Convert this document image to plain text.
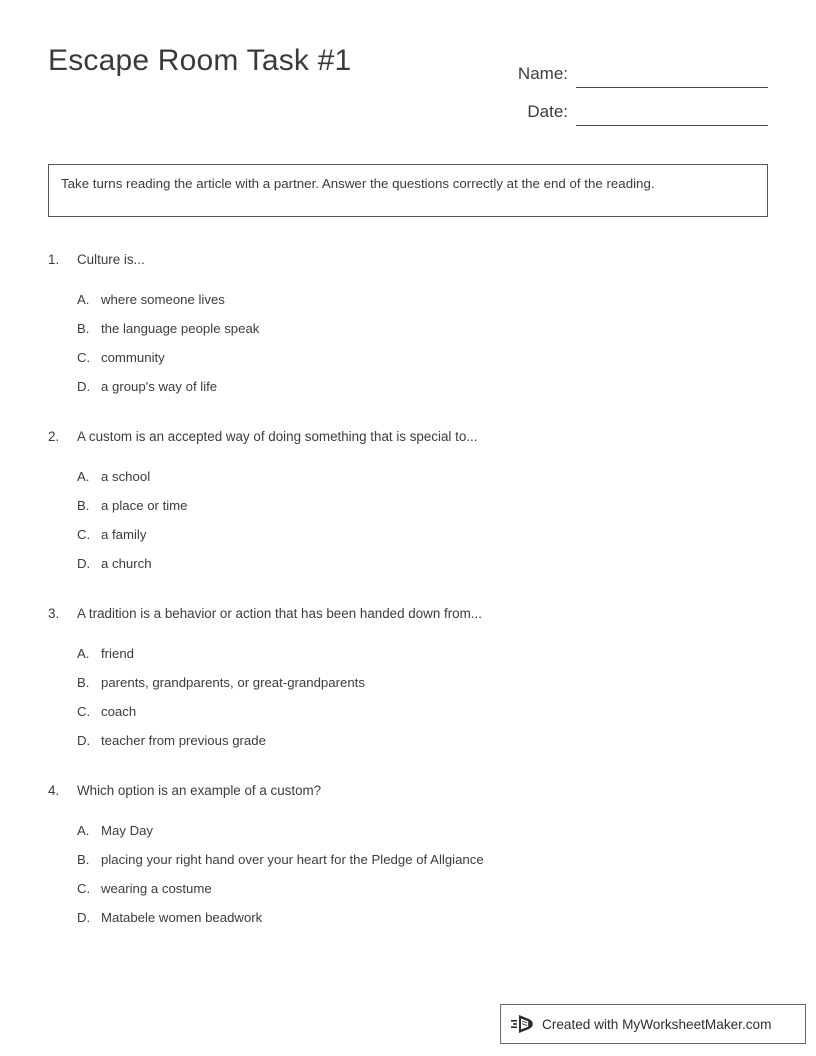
Escape Room Task #1	Name:
Date:
Take turns reading the article with a partner. Answer the questions correctly at the end of the reading.
1.	Culture is...
A. where someone lives
B. the language people speak
C. community
D. a group's way of life
2.	A custom is an accepted way of doing something that is special to...
A. a school
B. a place or time
C. a family
D. a church
3.	A tradition is a behavior or action that has been handed down from...
A. friend
B. parents, grandparents, or great-grandparents
C. coach
D. teacher from previous grade
4.	Which option is an example of a custom?
A. May Day
B. placing your right hand over your heart for the Pledge of Allgiance
C. wearing a costume
D. Matabele women beadwork
Created with MyWorksheetMaker.com
